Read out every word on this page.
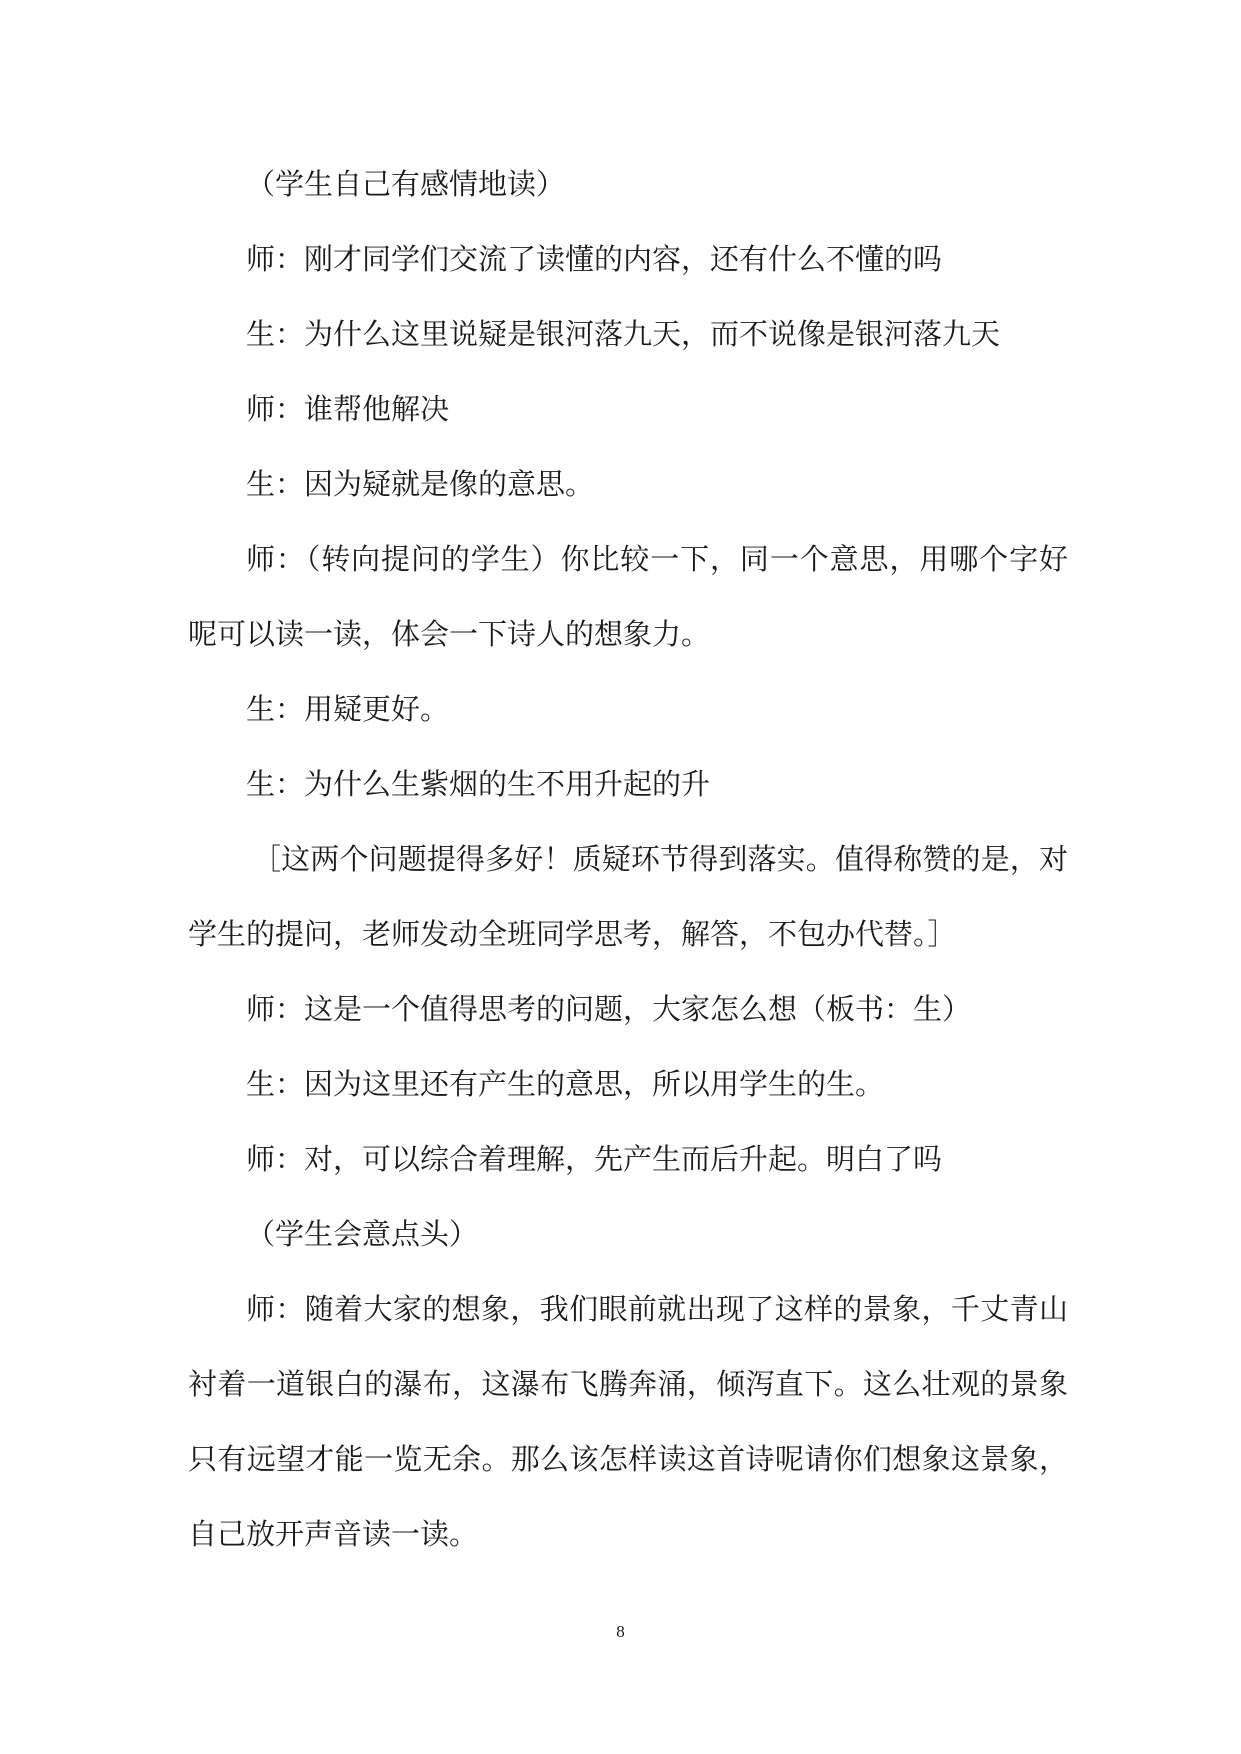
（学生自己有感情地读）

师：刚才同学们交流了读懂的内容，还有什么不懂的吗

生：为什么这里说疑是银河落九天，而不说像是银河落九天

师：谁帮他解决

生：因为疑就是像的意思。

师：（转向提问的学生）你比较一下，同一个意思，用哪个字好呢可以读一读，体会一下诗人的想象力。

生：用疑更好。

生：为什么生紫烟的生不用升起的升

［这两个问题提得多好！质疑环节得到落实。值得称赞的是，对学生的提问，老师发动全班同学思考，解答，不包办代替。］

师：这是一个值得思考的问题，大家怎么想（板书：生）

生：因为这里还有产生的意思，所以用学生的生。

师：对，可以综合着理解，先产生而后升起。明白了吗

（学生会意点头）

师：随着大家的想象，我们眼前就出现了这样的景象，千丈青山衬着一道银白的瀑布，这瀑布飞腾奔涌，倾泻直下。这么壮观的景象只有远望才能一览无余。那么该怎样读这首诗呢请你们想象这景象，自己放开声音读一读。

8
